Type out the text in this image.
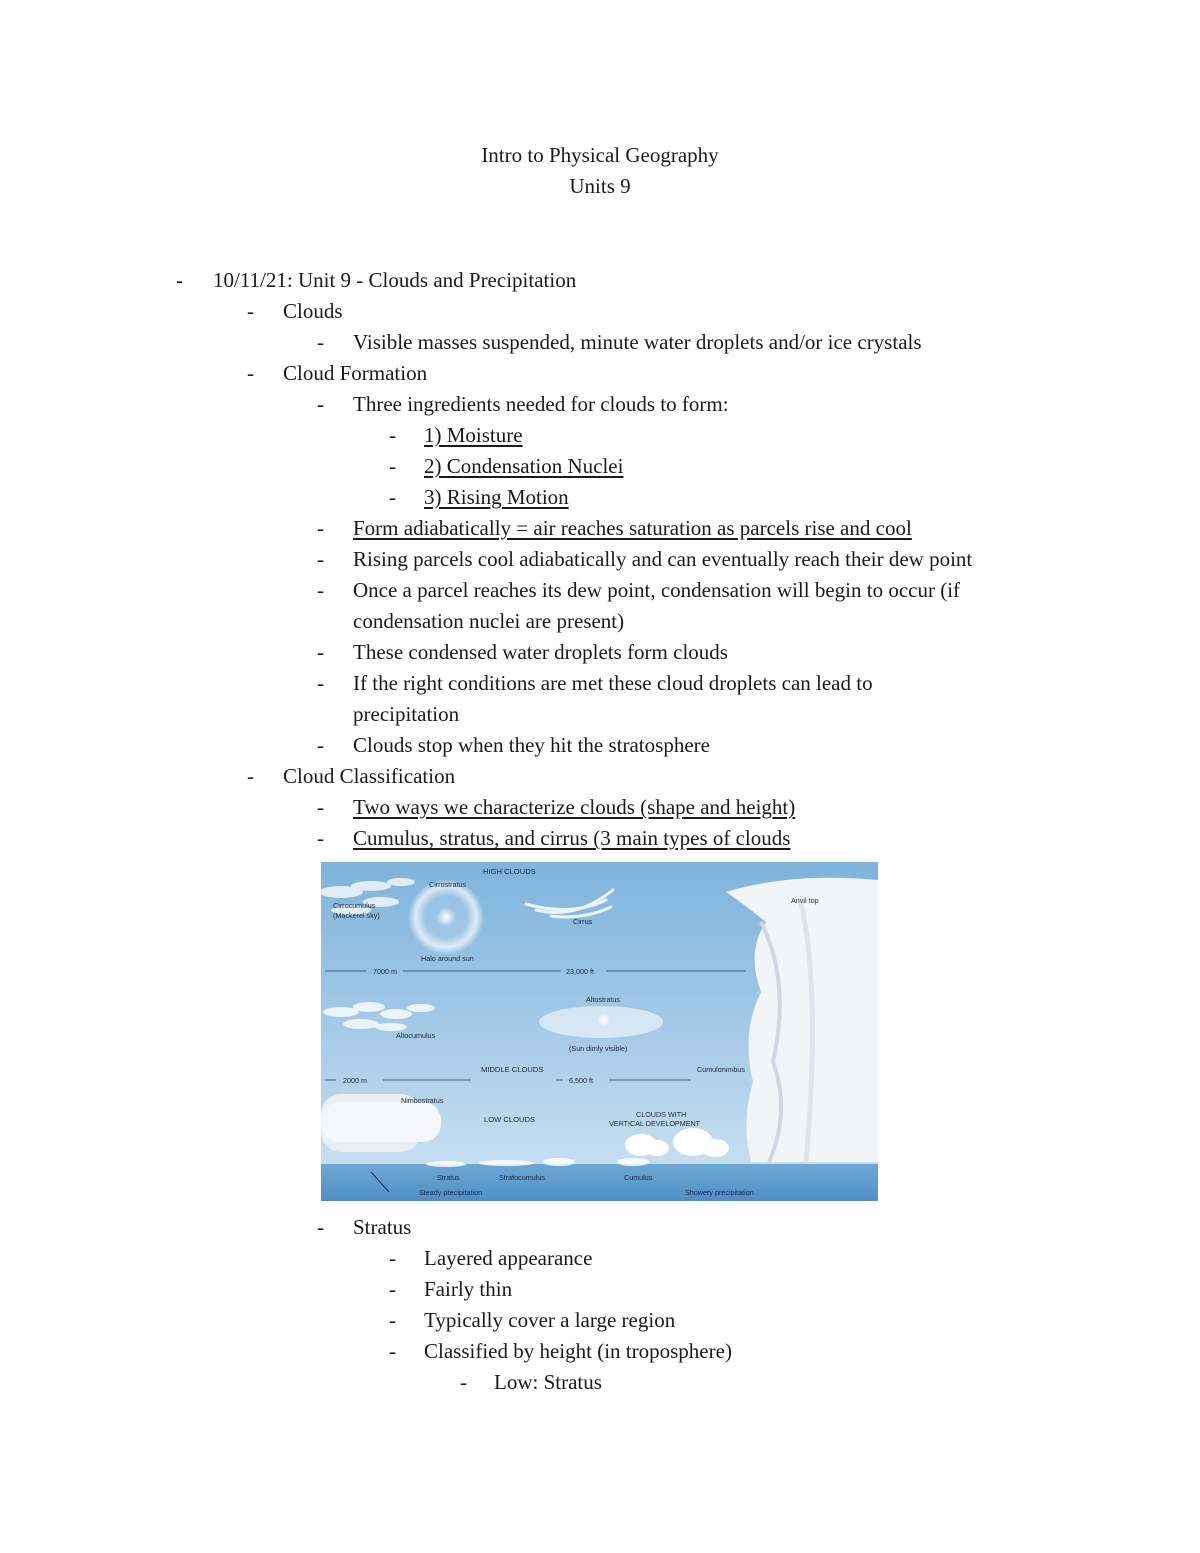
Intro to Physical Geography
Units 9
- 10/11/21: Unit 9 - Clouds and Precipitation
- Clouds
- Visible masses suspended, minute water droplets and/or ice crystals
- Cloud Formation
- Three ingredients needed for clouds to form:
- 1) Moisture
- 2) Condensation Nuclei
- 3) Rising Motion
- Form adiabatically = air reaches saturation as parcels rise and cool
- Rising parcels cool adiabatically and can eventually reach their dew point
- Once a parcel reaches its dew point, condensation will begin to occur (if
condensation nuclei are present)
- These condensed water droplets form clouds
- If the right conditions are met these cloud droplets can lead to
precipitation
- Clouds stop when they hit the stratosphere
- Cloud Classification
- Two ways we characterize clouds (shape and height)
- Cumulus, stratus, and cirrus (3 main types of clouds
HIGH CLOUDS
Cirrostratus
Cirrocumulus
(Mackerel sky)
Cirrus
Anvil top
Halo around sun
7000 m	23,000 ft
Altostratus
Altocumulus
(Sun dimly visible)
MIDDLE CLOUDS	Cumulonimbus
2000 m	6,500 ft
Nimbostratus
LOW CLOUDS
CLOUDS WITH
VERTICAL DEVELOPMENT
Stratus	Stratocumulus	Cumulus
Steady precipitation	Showery precipitation
- Stratus
- Layered appearance
- Fairly thin
- Typically cover a large region
- Classified by height (in troposphere)
- Low: Stratus
